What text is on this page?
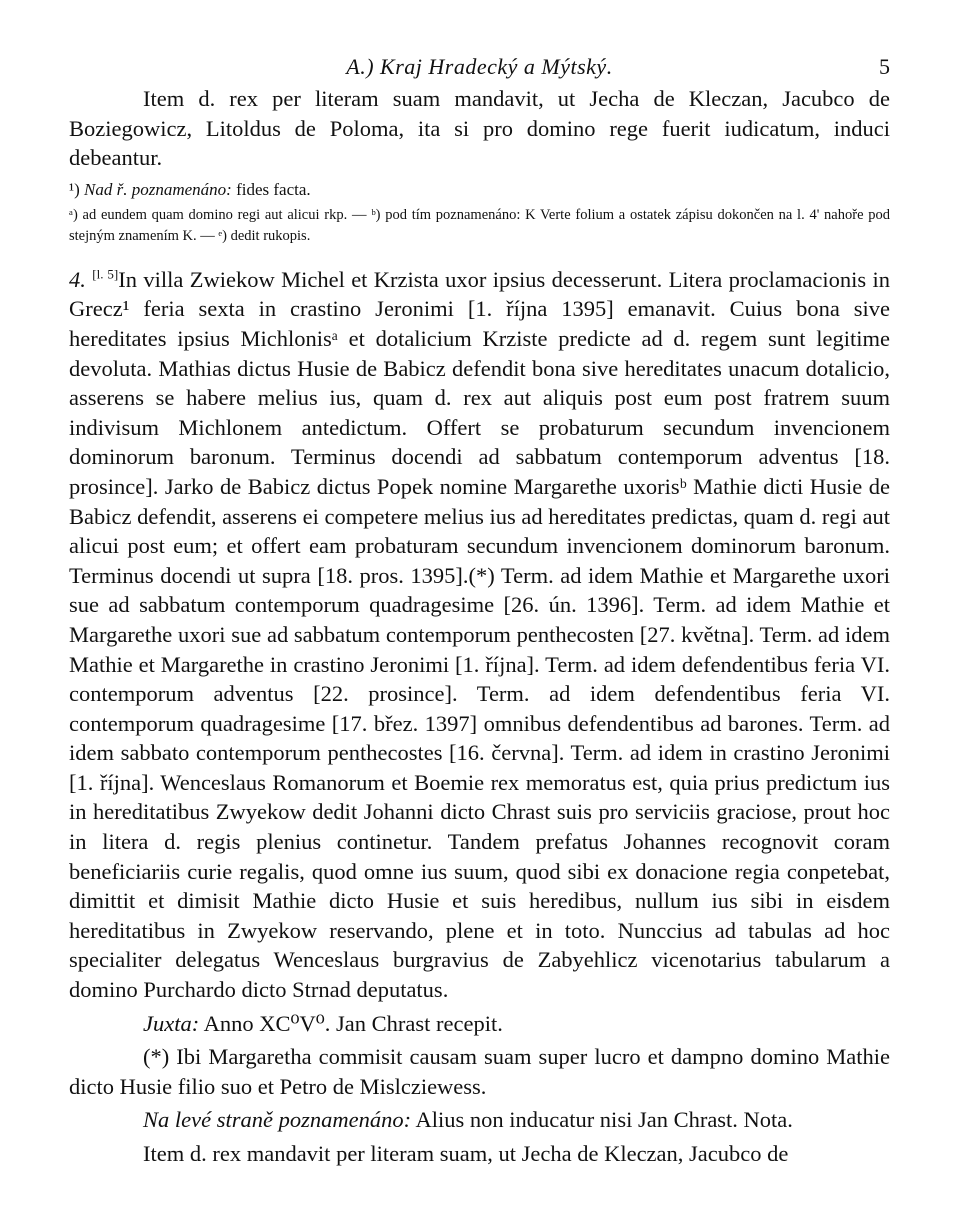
A.) Kraj Hradecký a Mýtský.	5

Item d. rex per literam suam mandavit, ut Jecha de Kleczan, Jacubco de Boziegowicz, Litoldus de Poloma, ita si pro domino rege fuerit iudicatum, induci debeantur.

¹) Nad ř. poznamenáno: fides facta.

ᵃ) ad eundem quam domino regi aut alicui rkp. — ᵇ) pod tím poznamenáno: K Verte folium a ostatek zápisu dokončen na l. 4' nahoře pod stejným znamením K. — ᵉ) dedit rukopis.

4. [l. 5]In villa Zwiekow Michel et Krzista uxor ipsius decesserunt. Litera proclamacionis in Grecz¹ feria sexta in crastino Jeronimi [1. října 1395] emanavit. Cuius bona sive hereditates ipsius Michlonisᵃ et dotalicium Krziste predicte ad d. regem sunt legitime devoluta. Mathias dictus Husie de Babicz defendit bona sive hereditates unacum dotalicio, asserens se habere melius ius, quam d. rex aut aliquis post eum post fratrem suum indivisum Michlonem antedictum. Offert se probaturum secundum invencionem dominorum baronum. Terminus docendi ad sabbatum contemporum adventus [18. prosince]. Jarko de Babicz dictus Popek nomine Margarethe uxorisᵇ Mathie dicti Husie de Babicz defendit, asserens ei competere melius ius ad hereditates predictas, quam d. regi aut alicui post eum; et offert eam probaturam secundum invencionem dominorum baronum. Terminus docendi ut supra [18. pros. 1395].(*) Term. ad idem Mathie et Margarethe uxori sue ad sabbatum contemporum quadragesime [26. ún. 1396]. Term. ad idem Mathie et Margarethe uxori sue ad sabbatum contemporum penthecosten [27. května]. Term. ad idem Mathie et Margarethe in crastino Jeronimi [1. října]. Term. ad idem defendentibus feria VI. contemporum adventus [22. prosince]. Term. ad idem defendentibus feria VI. contemporum quadragesime [17. břez. 1397] omnibus defendentibus ad barones. Term. ad idem sabbato contemporum penthecostes [16. června]. Term. ad idem in crastino Jeronimi [1. října]. Wenceslaus Romanorum et Boemie rex memoratus est, quia prius predictum ius in hereditatibus Zwyekow dedit Johanni dicto Chrast suis pro serviciis graciose, prout hoc in litera d. regis plenius continetur. Tandem prefatus Johannes recognovit coram beneficiariis curie regalis, quod omne ius suum, quod sibi ex donacione regia conpetebat, dimittit et dimisit Mathie dicto Husie et suis heredibus, nullum ius sibi in eisdem hereditatibus in Zwyekow reservando, plene et in toto. Nunccius ad tabulas ad hoc specialiter delegatus Wenceslaus burgravius de Zabyehlicz vicenotarius tabularum a domino Purchardo dicto Strnad deputatus.

Juxta: Anno XC⁰V⁰. Jan Chrast recepit.

(*) Ibi Margaretha commisit causam suam super lucro et dampno domino Mathie dicto Husie filio suo et Petro de Mislcziewess.

Na levé straně poznamenáno: Alius non inducatur nisi Jan Chrast. Nota.

Item d. rex mandavit per literam suam, ut Jecha de Kleczan, Jacubco de
